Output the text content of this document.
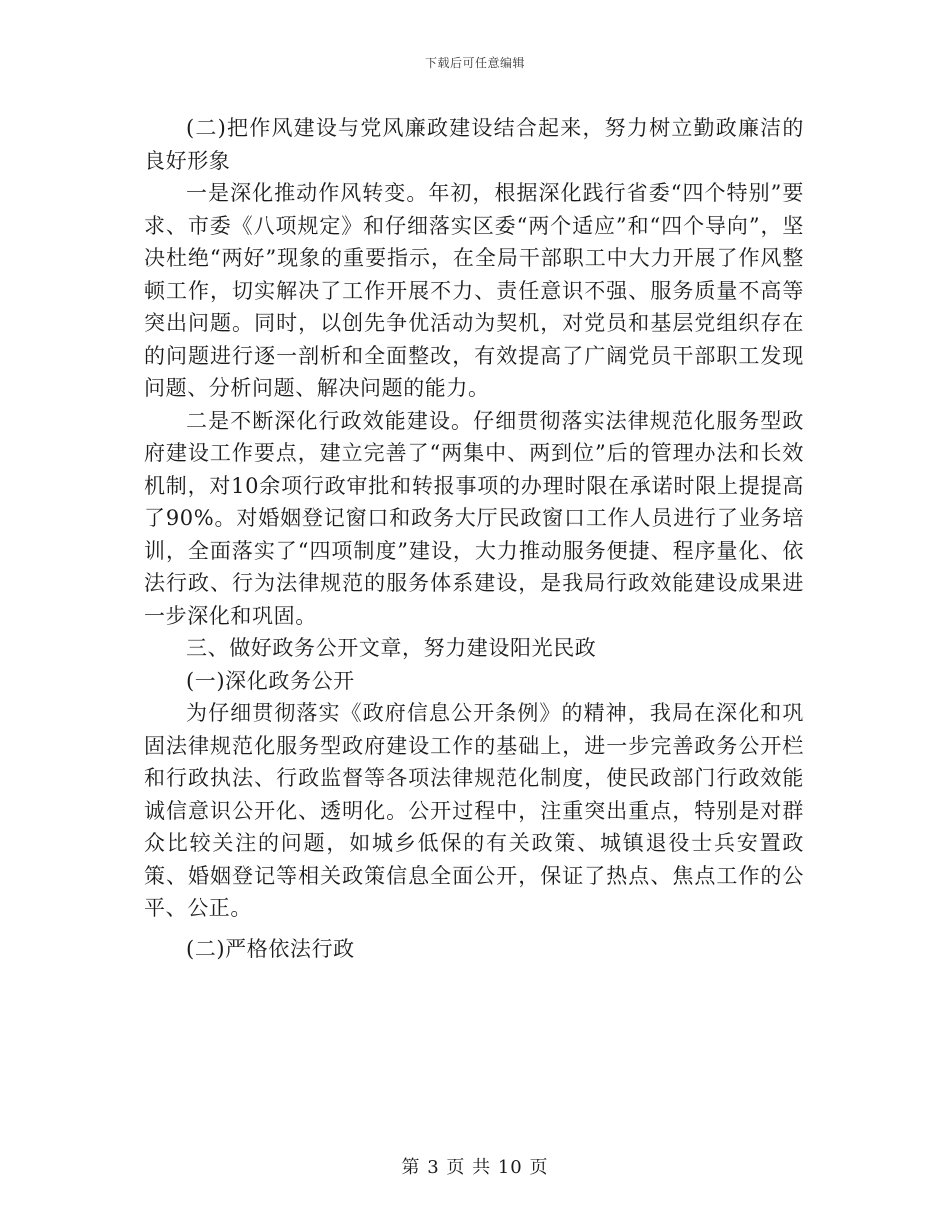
下载后可任意编辑

(二)把作风建设与党风廉政建设结合起来，努力树立勤政廉洁的良好形象

一是深化推动作风转变。年初，根据深化践行省委“四个特别”要求、市委《八项规定》和仔细落实区委“两个适应”和“四个导向”，坚决杜绝“两好”现象的重要指示，在全局干部职工中大力开展了作风整顿工作，切实解决了工作开展不力、责任意识不强、服务质量不高等突出问题。同时，以创先争优活动为契机，对党员和基层党组织存在的问题进行逐一剖析和全面整改，有效提高了广阔党员干部职工发现问题、分析问题、解决问题的能力。

二是不断深化行政效能建设。仔细贯彻落实法律规范化服务型政府建设工作要点，建立完善了“两集中、两到位”后的管理办法和长效机制，对10余项行政审批和转报事项的办理时限在承诺时限上提提高了90%。对婚姻登记窗口和政务大厅民政窗口工作人员进行了业务培训，全面落实了“四项制度”建设，大力推动服务便捷、程序量化、依法行政、行为法律规范的服务体系建设，是我局行政效能建设成果进一步深化和巩固。

三、做好政务公开文章，努力建设阳光民政

(一)深化政务公开

为仔细贯彻落实《政府信息公开条例》的精神，我局在深化和巩固法律规范化服务型政府建设工作的基础上，进一步完善政务公开栏和行政执法、行政监督等各项法律规范化制度，使民政部门行政效能诚信意识公开化、透明化。公开过程中，注重突出重点，特别是对群众比较关注的问题，如城乡低保的有关政策、城镇退役士兵安置政策、婚姻登记等相关政策信息全面公开，保证了热点、焦点工作的公平、公正。

(二)严格依法行政

第 3 页 共 10 页
